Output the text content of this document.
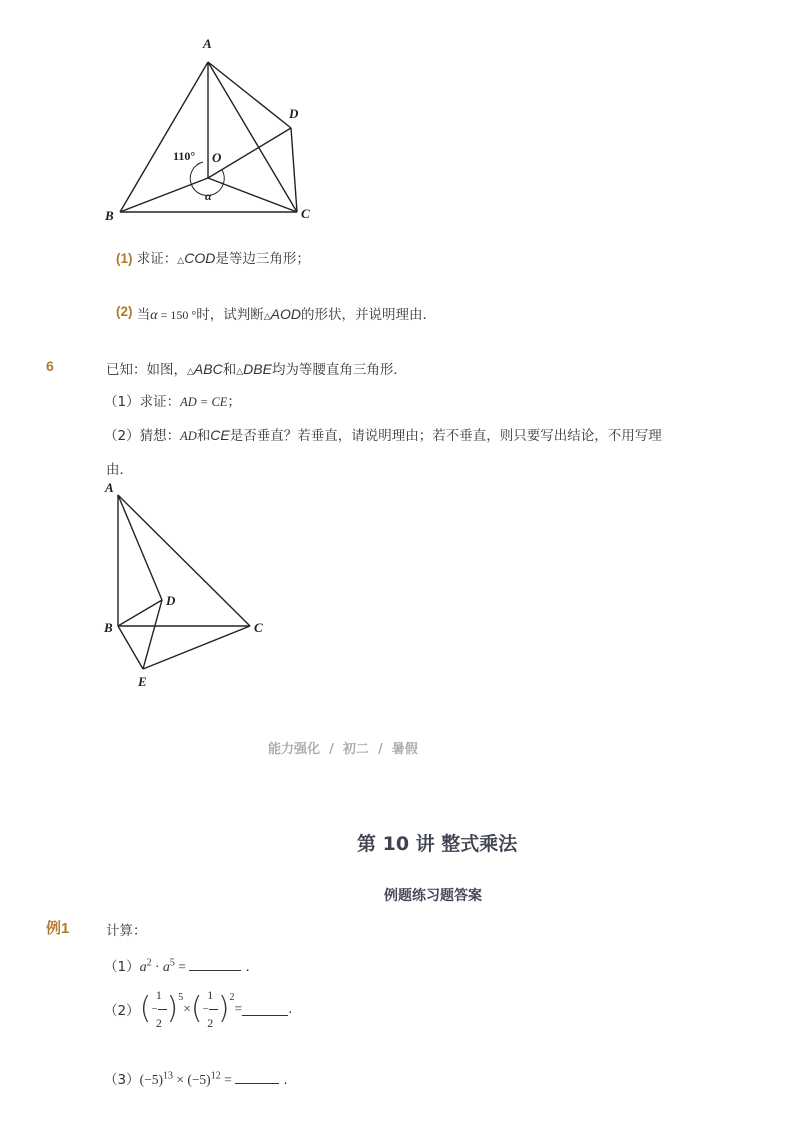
A
D
O
B	C
110°
α
(1) 求证：△COD是等边三角形；
(2) 当α = 150 °时，试判断△AOD的形状，并说明理由．
6	已知：如图，△ABC和△DBE均为等腰直角三角形．
（1）求证：AD = CE；
（2）猜想：AD和CE是否垂直？若垂直，请说明理由；若不垂直，则只要写出结论，不用写理
由．
A
D
B	C
E
能力强化 / 初二 / 暑假
第 10 讲 整式乘法
例题练习题答案
例1	计算：
$(1)a^2 \cdot a^5$ =	.
（2） ( 1
−
2 )$^5$
× ( 1
−
2 )$^2$
=	.
$(3)(-5)^{13} \times (-5)^{12}$ =	.
